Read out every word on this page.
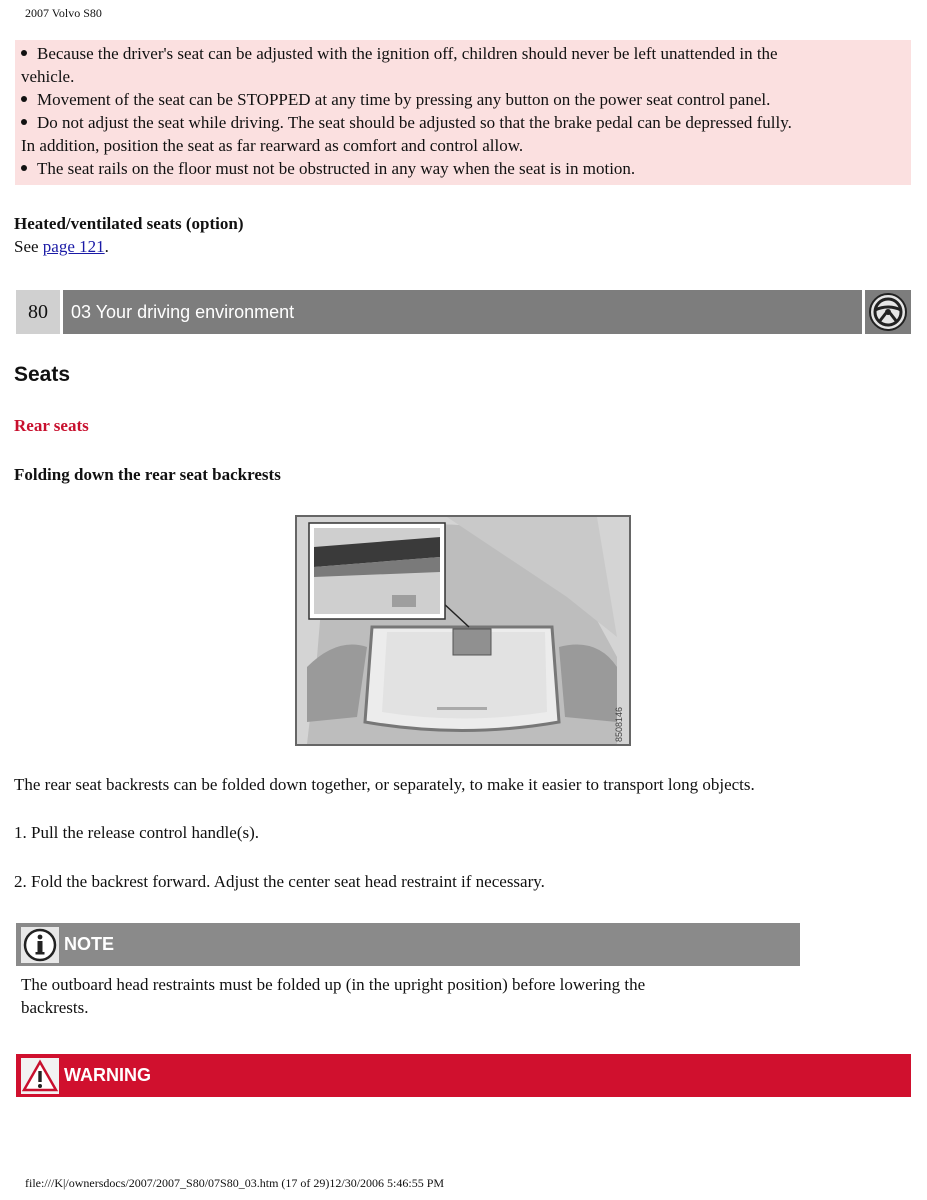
2007 Volvo S80
Because the driver's seat can be adjusted with the ignition off, children should never be left unattended in the
vehicle.
Movement of the seat can be STOPPED at any time by pressing any button on the power seat control panel.
Do not adjust the seat while driving. The seat should be adjusted so that the brake pedal can be depressed fully.
In addition, position the seat as far rearward as comfort and control allow.
The seat rails on the floor must not be obstructed in any way when the seat is in motion.
Heated/ventilated seats (option)
See page 121.
80	03 Your driving environment
Seats
Rear seats
Folding down the rear seat backrests
8508146
The rear seat backrests can be folded down together, or separately, to make it easier to transport long objects.
1. Pull the release control handle(s).
2. Fold the backrest forward. Adjust the center seat head restraint if necessary.
NOTE
The outboard head restraints must be folded up (in the upright position) before lowering the
backrests.
WARNING
file:///K|/ownersdocs/2007/2007_S80/07S80_03.htm (17 of 29)12/30/2006 5:46:55 PM
